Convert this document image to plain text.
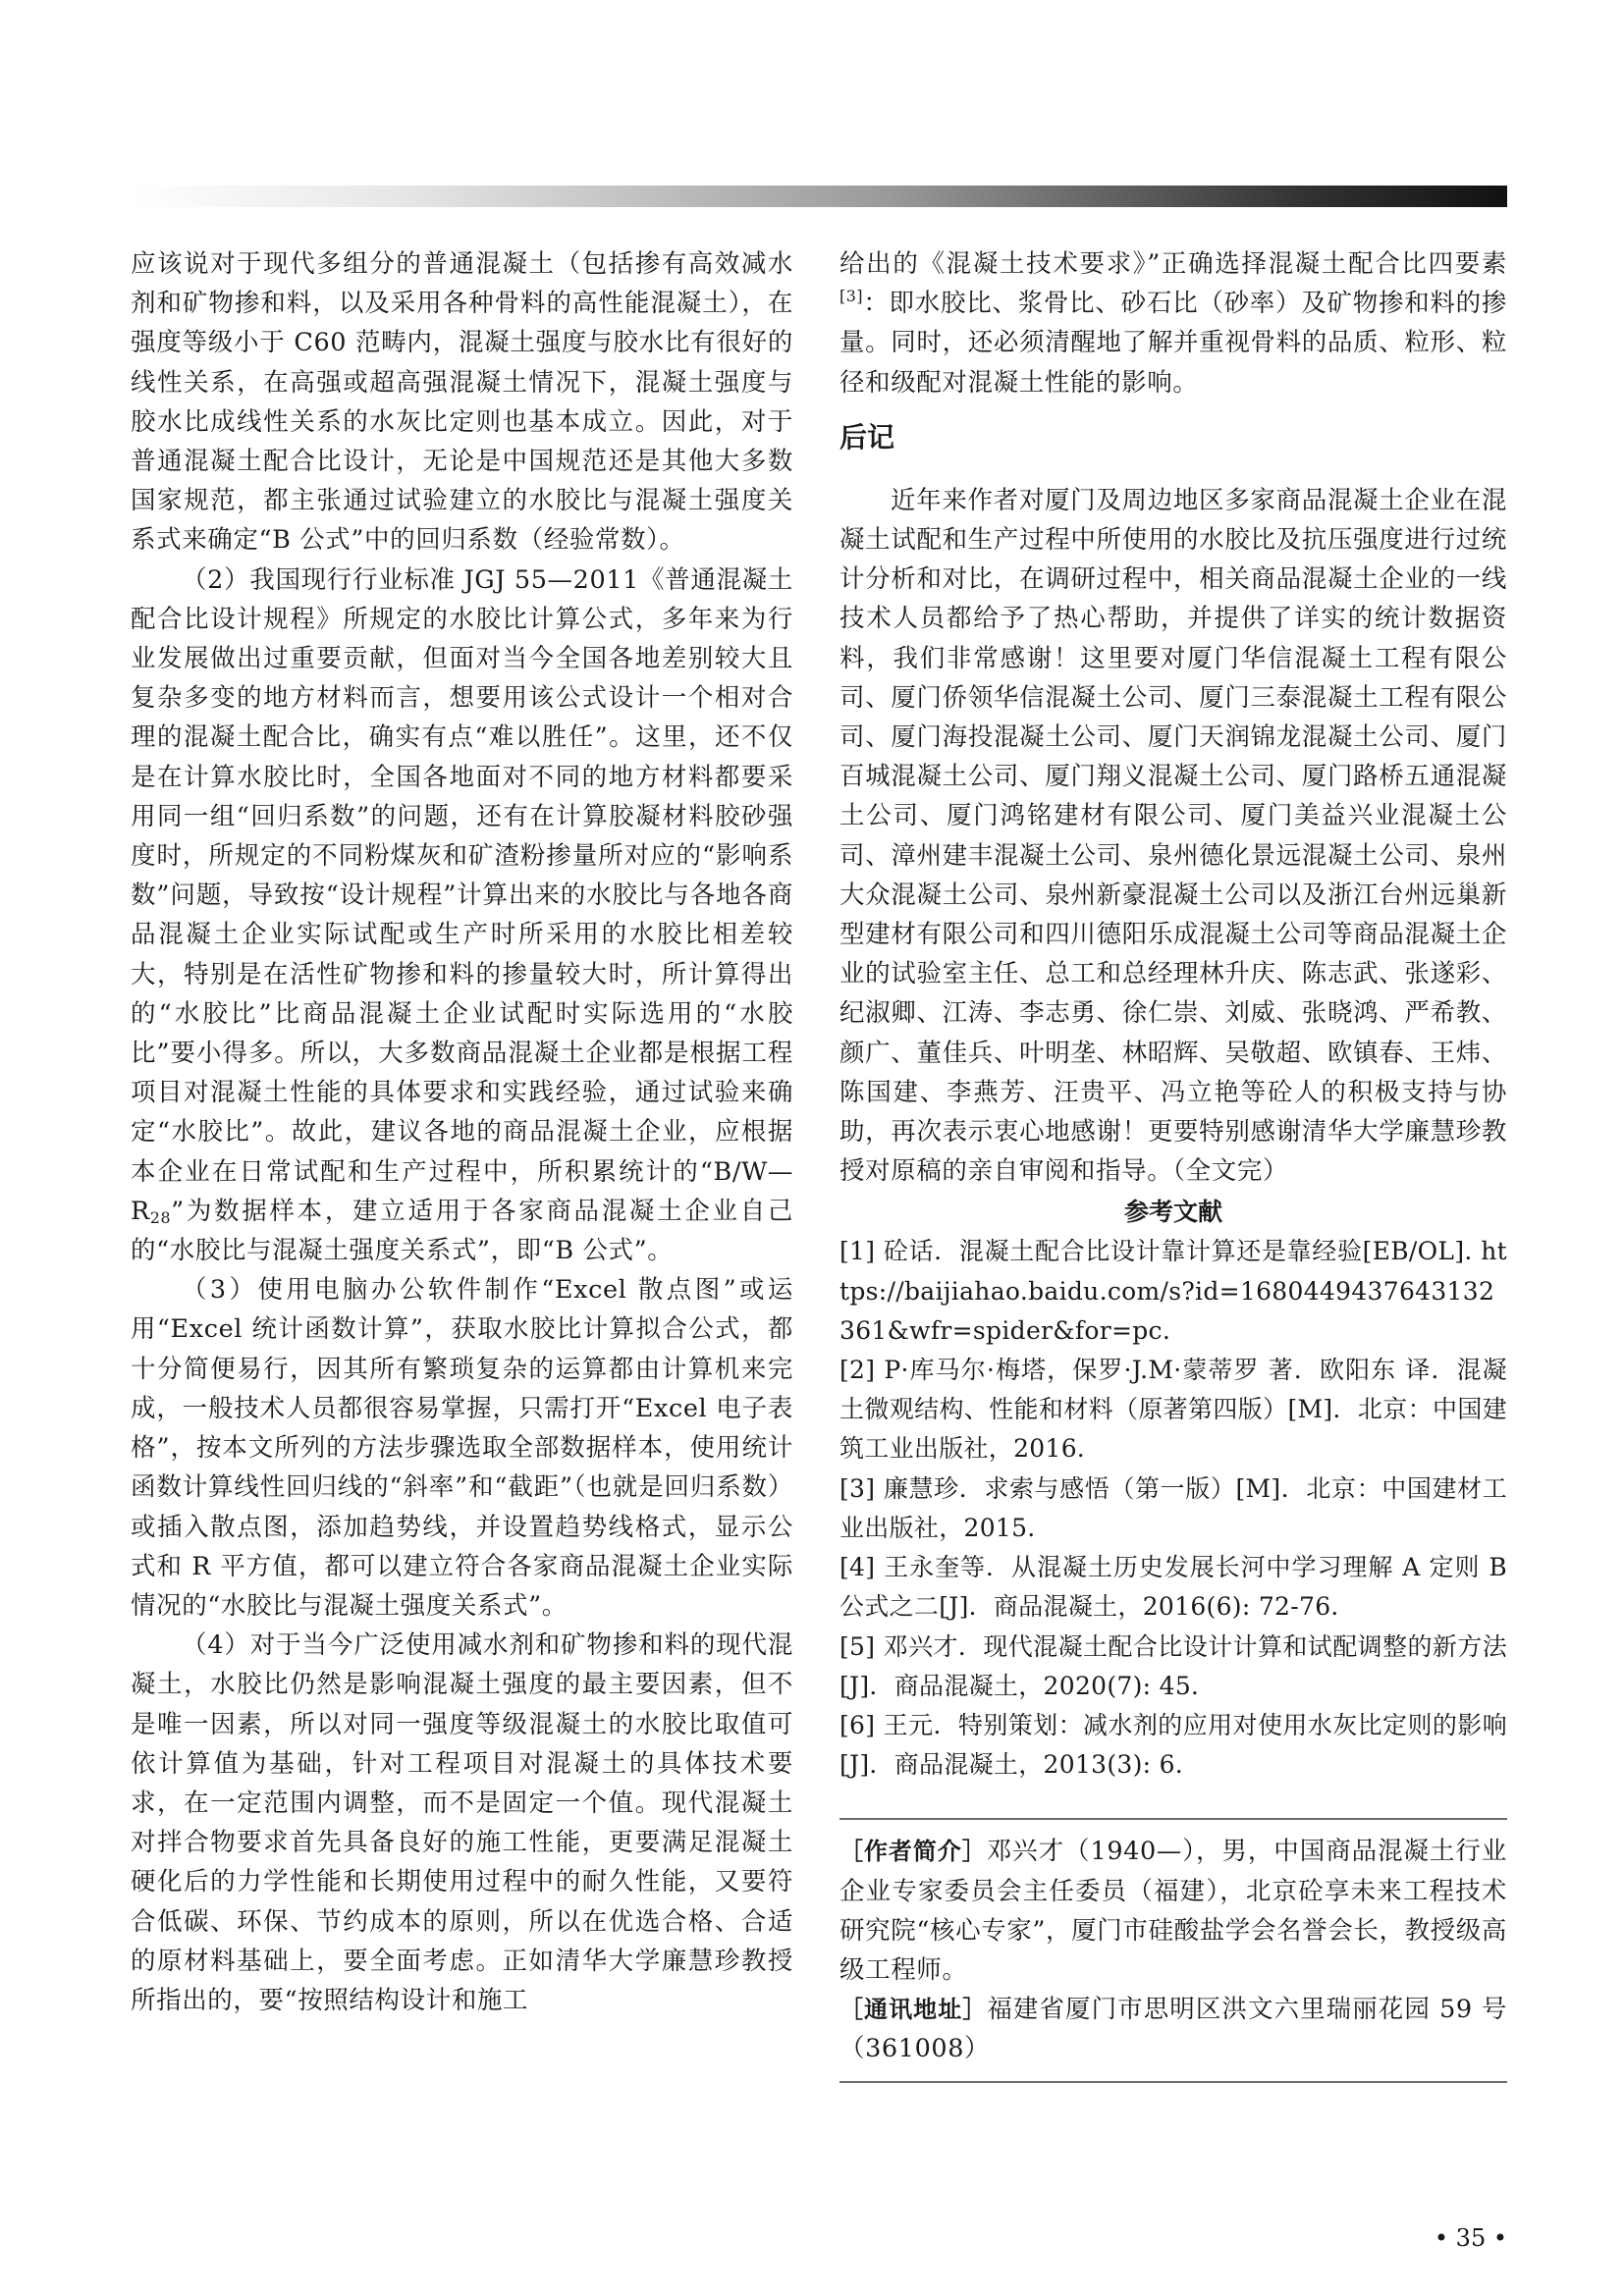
应该说对于现代多组分的普通混凝土（包括掺有高效减水剂和矿物掺和料，以及采用各种骨料的高性能混凝土），在强度等级小于 C60 范畴内，混凝土强度与胶水比有很好的线性关系，在高强或超高强混凝土情况下，混凝土强度与胶水比成线性关系的水灰比定则也基本成立。因此，对于普通混凝土配合比设计，无论是中国规范还是其他大多数国家规范，都主张通过试验建立的水胶比与混凝土强度关系式来确定“B 公式”中的回归系数（经验常数）。

（2）我国现行行业标准 JGJ 55—2011《普通混凝土配合比设计规程》所规定的水胶比计算公式，多年来为行业发展做出过重要贡献，但面对当今全国各地差别较大且复杂多变的地方材料而言，想要用该公式设计一个相对合理的混凝土配合比，确实有点“难以胜任”。这里，还不仅是在计算水胶比时，全国各地面对不同的地方材料都要采用同一组“回归系数”的问题，还有在计算胶凝材料胶砂强度时，所规定的不同粉煤灰和矿渣粉掺量所对应的“影响系数”问题，导致按“设计规程”计算出来的水胶比与各地各商品混凝土企业实际试配或生产时所采用的水胶比相差较大，特别是在活性矿物掺和料的掺量较大时，所计算得出的“水胶比”比商品混凝土企业试配时实际选用的“水胶比”要小得多。所以，大多数商品混凝土企业都是根据工程项目对混凝土性能的具体要求和实践经验，通过试验来确定“水胶比”。故此，建议各地的商品混凝土企业，应根据本企业在日常试配和生产过程中，所积累统计的“$B/W—R_{28}$”为数据样本，建立适用于各家商品混凝土企业自己的“水胶比与混凝土强度关系式”，即“B 公式”。

（3）使用电脑办公软件制作“Excel 散点图”或运用“Excel 统计函数计算”，获取水胶比计算拟合公式，都十分简便易行，因其所有繁琐复杂的运算都由计算机来完成，一般技术人员都很容易掌握，只需打开“Excel 电子表格”，按本文所列的方法步骤选取全部数据样本，使用统计函数计算线性回归线的“斜率”和“截距”（也就是回归系数）或插入散点图，添加趋势线，并设置趋势线格式，显示公式和 R 平方值，都可以建立符合各家商品混凝土企业实际情况的“水胶比与混凝土强度关系式”。

（4）对于当今广泛使用减水剂和矿物掺和料的现代混凝土，水胶比仍然是影响混凝土强度的最主要因素，但不是唯一因素，所以对同一强度等级混凝土的水胶比取值可依计算值为基础，针对工程项目对混凝土的具体技术要求，在一定范围内调整，而不是固定一个值。现代混凝土对拌合物要求首先具备良好的施工性能，更要满足混凝土硬化后的力学性能和长期使用过程中的耐久性能，又要符合低碳、环保、节约成本的原则，所以在优选合格、合适的原材料基础上，要全面考虑。正如清华大学廉慧珍教授所指出的，要“按照结构设计和施工

给出的《混凝土技术要求》”正确选择混凝土配合比四要素[3]：即水胶比、浆骨比、砂石比（砂率）及矿物掺和料的掺量。同时，还必须清醒地了解并重视骨料的品质、粒形、粒径和级配对混凝土性能的影响。

后记

近年来作者对厦门及周边地区多家商品混凝土企业在混凝土试配和生产过程中所使用的水胶比及抗压强度进行过统计分析和对比，在调研过程中，相关商品混凝土企业的一线技术人员都给予了热心帮助，并提供了详实的统计数据资料，我们非常感谢！这里要对厦门华信混凝土工程有限公司、厦门侨领华信混凝土公司、厦门三泰混凝土工程有限公司、厦门海投混凝土公司、厦门天润锦龙混凝土公司、厦门百城混凝土公司、厦门翔义混凝土公司、厦门路桥五通混凝土公司、厦门鸿铭建材有限公司、厦门美益兴业混凝土公司、漳州建丰混凝土公司、泉州德化景远混凝土公司、泉州大众混凝土公司、泉州新豪混凝土公司以及浙江台州远巢新型建材有限公司和四川德阳乐成混凝土公司等商品混凝土企业的试验室主任、总工和总经理林升庆、陈志武、张遂彩、纪淑卿、江涛、李志勇、徐仁崇、刘威、张晓鸿、严希教、颜广、董佳兵、叶明垄、林昭辉、吴敬超、欧镇春、王炜、陈国建、李燕芳、汪贵平、冯立艳等砼人的积极支持与协助，再次表示衷心地感谢！更要特别感谢清华大学廉慧珍教授对原稿的亲自审阅和指导。（全文完）

参考文献

[1] 砼话．混凝土配合比设计靠计算还是靠经验[EB/OL]. https://baijiahao.baidu.com/s?id=1680449437643132361&wfr=spider&for=pc.

[2] P·库马尔·梅塔，保罗·J.M·蒙蒂罗 著．欧阳东 译．混凝土微观结构、性能和材料（原著第四版）[M]．北京：中国建筑工业出版社，2016．

[3] 廉慧珍．求索与感悟（第一版）[M]．北京：中国建材工业出版社，2015．

[4] 王永奎等．从混凝土历史发展长河中学习理解 A 定则 B 公式之二[J]．商品混凝土，2016(6): 72-76．

[5] 邓兴才．现代混凝土配合比设计计算和试配调整的新方法[J]．商品混凝土，2020(7): 45．

[6] 王元．特别策划：减水剂的应用对使用水灰比定则的影响[J]．商品混凝土，2013(3): 6．

［作者简介］邓兴才（1940—），男，中国商品混凝土行业企业专家委员会主任委员（福建），北京砼享未来工程技术研究院“核心专家”，厦门市硅酸盐学会名誉会长，教授级高级工程师。

［通讯地址］福建省厦门市思明区洪文六里瑞丽花园 59 号（361008）

• 35 •
